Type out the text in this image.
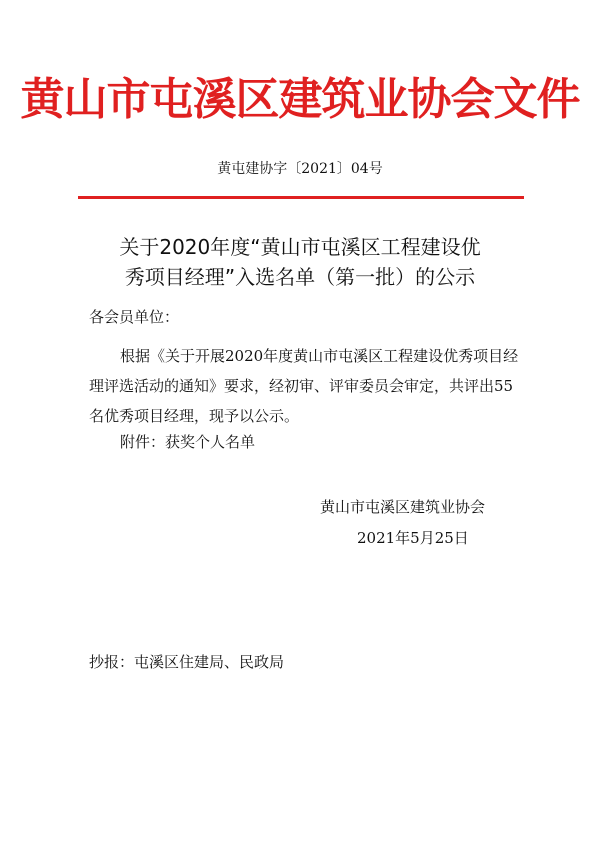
黄山市屯溪区建筑业协会文件
黄屯建协字〔2021〕04号
关于2020年度“黄山市屯溪区工程建设优
秀项目经理”入选名单（第一批）的公示
各会员单位：
根据《关于开展2020年度黄山市屯溪区工程建设优秀项目经理评选活动的通知》要求，经初审、评审委员会审定，共评出55名优秀项目经理，现予以公示。
附件：获奖个人名单
黄山市屯溪区建筑业协会
2021年5月25日
抄报：屯溪区住建局、民政局
